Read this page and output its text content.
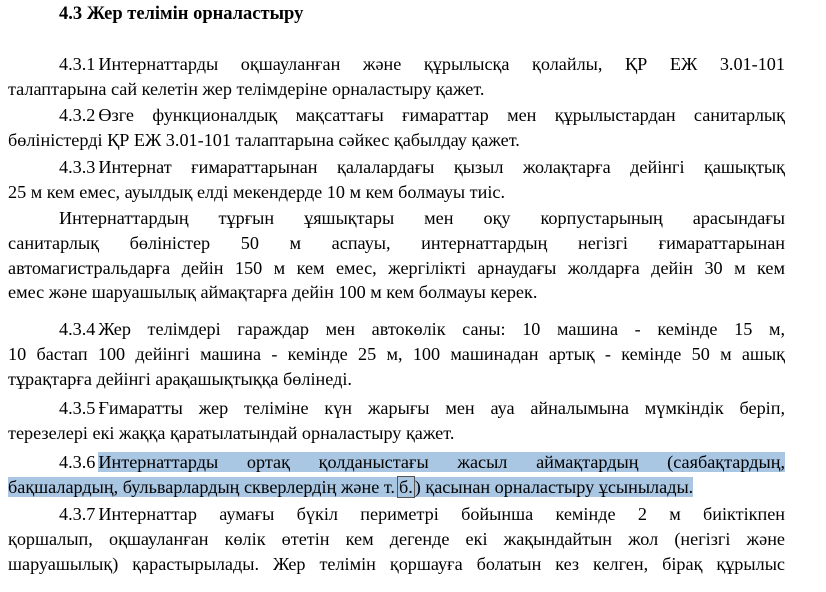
4.3 Жер телімін орналастыру
4.3.1 Интернаттарды оқшауланған және құрылысқа қолайлы, ҚР ЕЖ 3.01-101
талаптарына сай келетін жер телімдеріне орналастыру қажет.
4.3.2 Өзге функционалдық мақсаттағы ғимараттар мен құрылыстардан санитарлық
бөліністерді ҚР ЕЖ 3.01-101 талаптарына сәйкес қабылдау қажет.
4.3.3 Интернат ғимараттарынан қалалардағы қызыл жолақтарға дейінгі қашықтық
25 м кем емес, ауылдық елді мекендерде 10 м кем болмауы тиіс.
Интернаттардың тұрғын ұяшықтары мен оқу корпустарының арасындағы
санитарлық бөліністер 50 м аспауы, интернаттардың негізгі ғимараттарынан
автомагистральдарға дейін 150 м кем емес, жергілікті арнаудағы жолдарға дейін 30 м кем
емес және шаруашылық аймақтарға дейін 100 м кем болмауы керек.
4.3.4 Жер телімдері гараждар мен автокөлік саны: 10 машина - кемінде 15 м,
10 бастап 100 дейінгі машина - кемінде 25 м, 100 машинадан артық - кемінде 50 м ашық
тұрақтарға дейінгі арақашықтыққа бөлінеді.
4.3.5 Ғимаратты жер теліміне күн жарығы мен ауа айналымына мүмкіндік беріп,
терезелері екі жаққа қаратылатындай орналастыру қажет.
4.3.6 Интернаттарды ортақ қолданыстағы жасыл аймақтардың (саябақтардың,
бақшалардың, бульварлардың скверлердің және т. б. ) қасынан орналастыру ұсынылады.
4.3.7 Интернаттар аумағы бүкіл периметрі бойынша кемінде 2 м биіктікпен
қоршалып, оқшауланған көлік өтетін кем дегенде екі жақындайтын жол (негізгі және
шаруашылық) қарастырылады. Жер телімін қоршауға болатын кез келген, бірақ құрылыс
